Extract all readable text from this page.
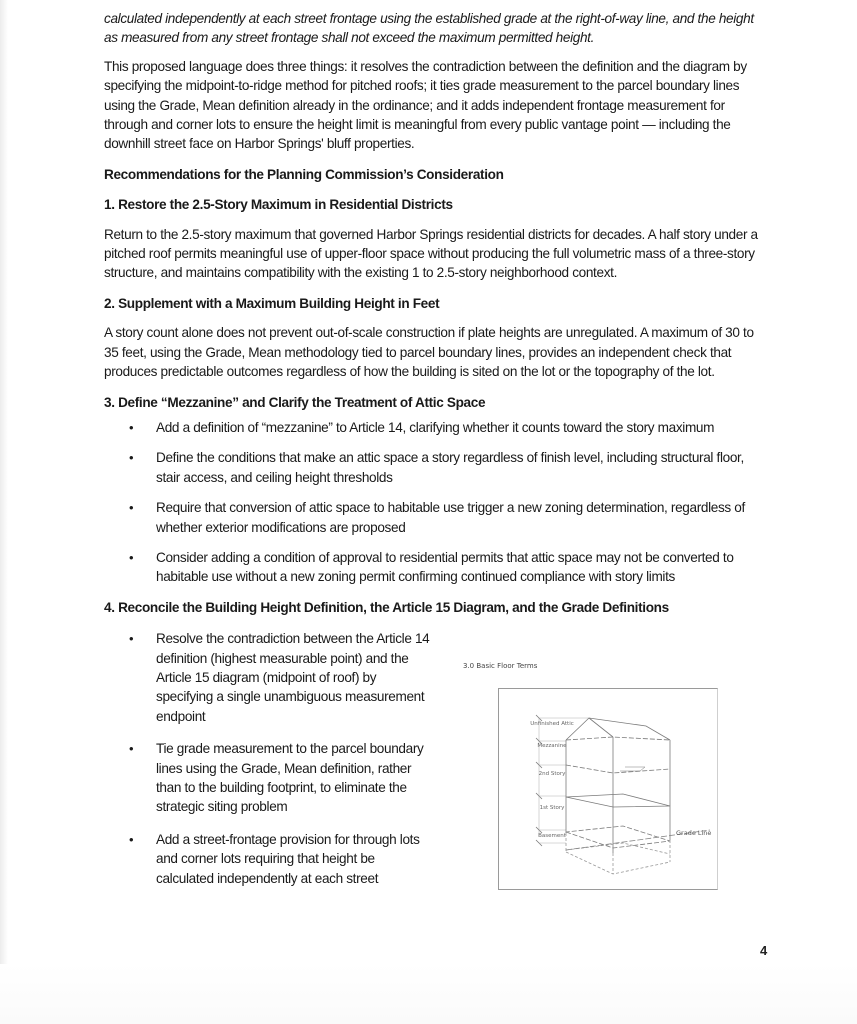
calculated independently at each street frontage using the established grade at the right-of-way line, and the height as measured from any street frontage shall not exceed the maximum permitted height.

This proposed language does three things: it resolves the contradiction between the definition and the diagram by specifying the midpoint-to-ridge method for pitched roofs; it ties grade measurement to the parcel boundary lines using the Grade, Mean definition already in the ordinance; and it adds independent frontage measurement for through and corner lots to ensure the height limit is meaningful from every public vantage point — including the downhill street face on Harbor Springs' bluff properties.

Recommendations for the Planning Commission’s Consideration

1. Restore the 2.5-Story Maximum in Residential Districts

Return to the 2.5-story maximum that governed Harbor Springs residential districts for decades. A half story under a pitched roof permits meaningful use of upper-floor space without producing the full volumetric mass of a three-story structure, and maintains compatibility with the existing 1 to 2.5-story neighborhood context.

2. Supplement with a Maximum Building Height in Feet

A story count alone does not prevent out-of-scale construction if plate heights are unregulated. A maximum of 30 to 35 feet, using the Grade, Mean methodology tied to parcel boundary lines, provides an independent check that produces predictable outcomes regardless of how the building is sited on the lot or the topography of the lot.

3. Define “Mezzanine” and Clarify the Treatment of Attic Space

• Add a definition of “mezzanine” to Article 14, clarifying whether it counts toward the story maximum
• Define the conditions that make an attic space a story regardless of finish level, including structural floor, stair access, and ceiling height thresholds
• Require that conversion of attic space to habitable use trigger a new zoning determination, regardless of whether exterior modifications are proposed
• Consider adding a condition of approval to residential permits that attic space may not be converted to habitable use without a new zoning permit confirming continued compliance with story limits

4. Reconcile the Building Height Definition, the Article 15 Diagram, and the Grade Definitions

• Resolve the contradiction between the Article 14 definition (highest measurable point) and the Article 15 diagram (midpoint of roof) by specifying a single unambiguous measurement endpoint
• Tie grade measurement to the parcel boundary lines using the Grade, Mean definition, rather than to the building footprint, to eliminate the strategic siting problem
• Add a street-frontage provision for through lots and corner lots requiring that height be calculated independently at each street
3.0 Basic Floor Terms
Unfinished Attic
Mezzanine
2nd Story
1st Story
Basement	Grade Line
4
